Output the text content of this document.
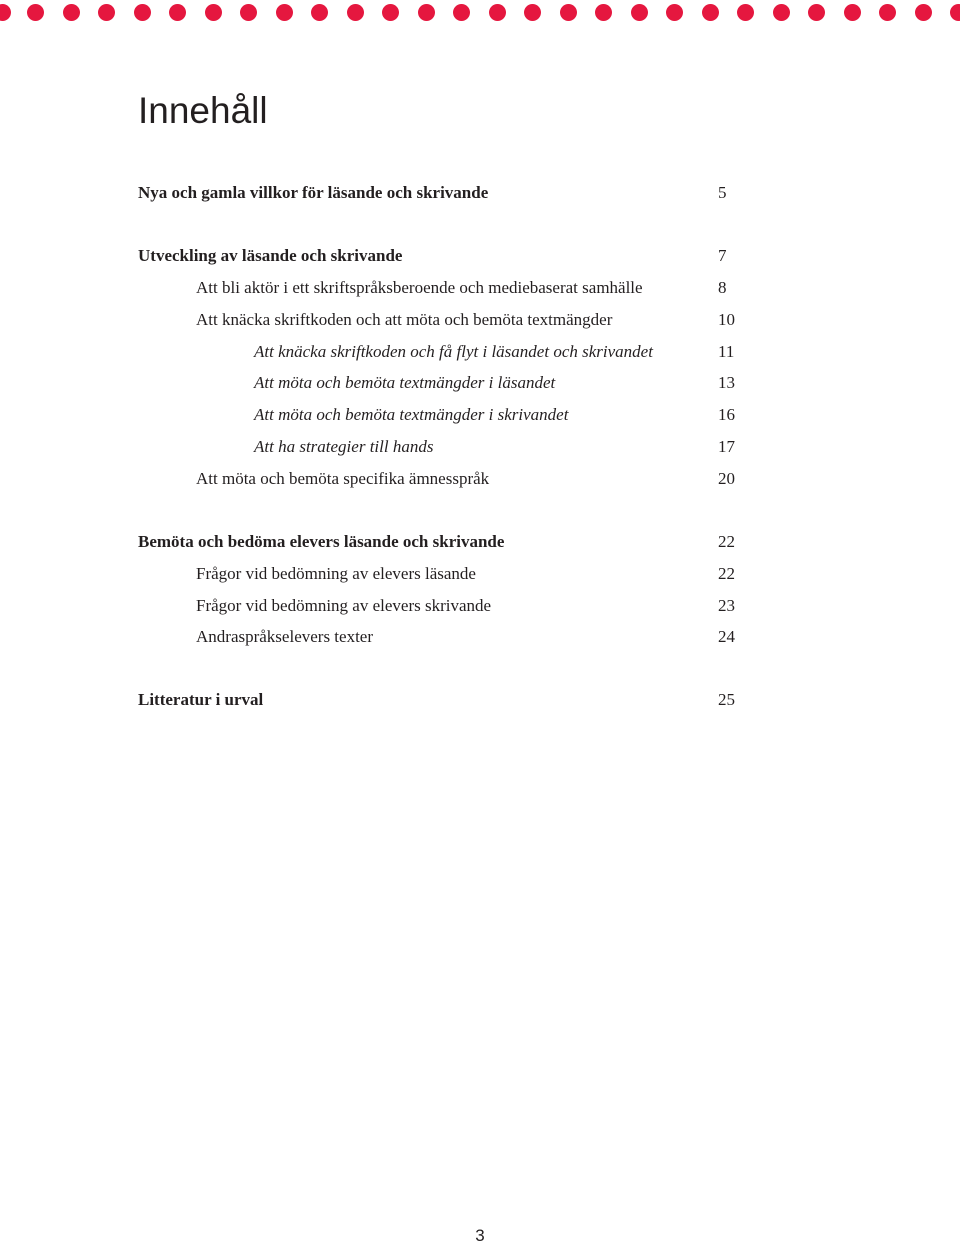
Innehåll
Nya och gamla villkor för läsande och skrivande	5
Utveckling av läsande och skrivande	7
Att bli aktör i ett skriftspråksberoende och mediebaserat samhälle	8
Att knäcka skriftkoden och att möta och bemöta textmängder	10
Att knäcka skriftkoden och få flyt i läsandet och skrivandet	11
Att möta och bemöta textmängder i läsandet	13
Att möta och bemöta textmängder i skrivandet	16
Att ha strategier till hands	17
Att möta och bemöta specifika ämnesspråk	20
Bemöta och bedöma elevers läsande och skrivande	22
Frågor vid bedömning av elevers läsande	22
Frågor vid bedömning av elevers skrivande	23
Andraspråkselevers texter	24
Litteratur i urval	25
3
